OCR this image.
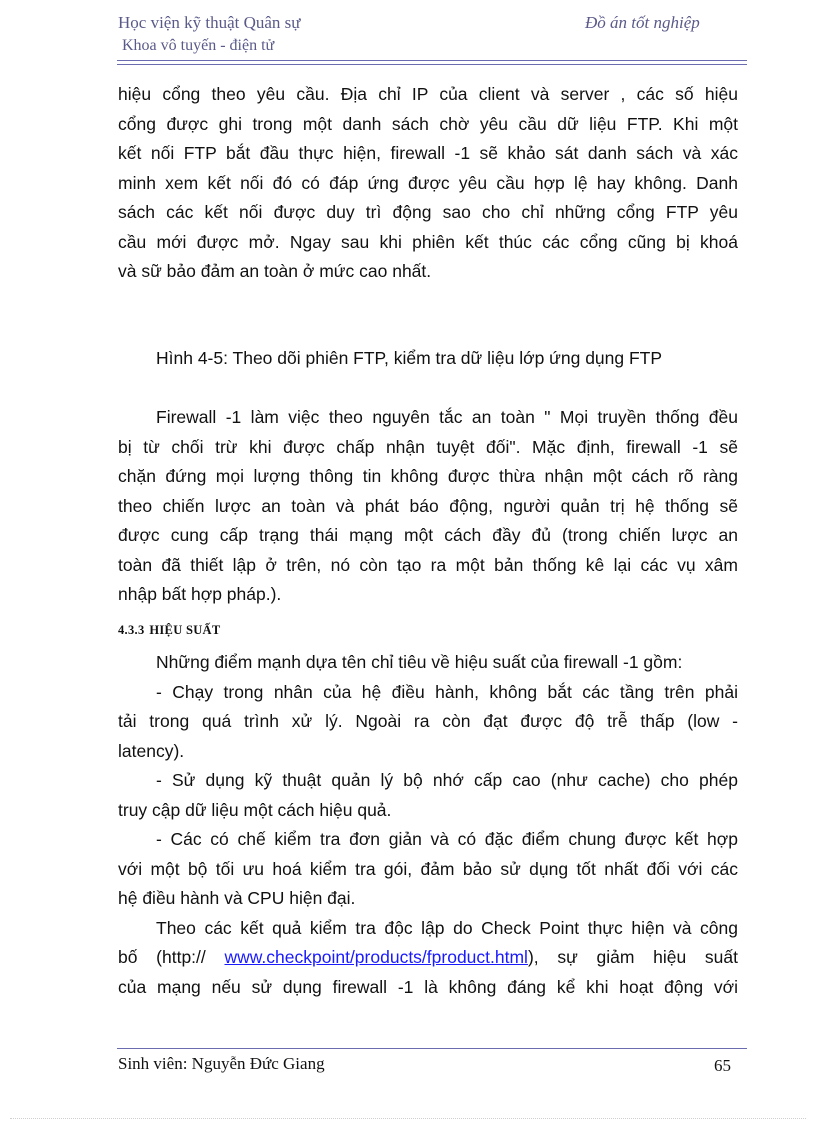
Học viện kỹ thuật Quân sự
Khoa vô tuyến - điện tử
Đồ án tốt nghiệp
hiệu cổng theo yêu cầu. Địa chỉ IP của client và server , các số hiệu
cổng được ghi trong một danh sách chờ yêu cầu dữ liệu FTP. Khi một
kết nối FTP bắt đầu thực hiện, firewall -1 sẽ khảo sát danh sách và xác
minh xem kết nối đó có đáp ứng được yêu cầu hợp lệ hay không. Danh
sách các kết nối được duy trì động sao cho chỉ những cổng FTP yêu
cầu mới được mở. Ngay sau khi phiên kết thúc các cổng cũng bị khoá
và sữ bảo đảm an toàn ở mức cao nhất.
Hình 4-5: Theo dõi phiên FTP, kiểm tra dữ liệu lớp ứng dụng FTP
Firewall -1 làm việc theo nguyên tắc an toàn " Mọi truyền thống đều
bị từ chối trừ khi được chấp nhận tuyệt đối". Mặc định, firewall -1 sẽ
chặn đứng mọi lượng thông tin không được thừa nhận một cách rõ ràng
theo chiến lược an toàn và phát báo động, người quản trị hệ thống sẽ
được cung cấp trạng thái mạng một cách đầy đủ (trong chiến lược an
toàn đã thiết lập ở trên, nó còn tạo ra một bản thống kê lại các vụ xâm
nhập bất hợp pháp.).
4.3.3 HIỆU SUẤT
Những điểm mạnh dựa tên chỉ tiêu về hiệu suất của firewall -1 gồm:
- Chạy trong nhân của hệ điều hành, không bắt các tầng trên phải
tải trong quá trình xử lý. Ngoài ra còn đạt được độ trễ thấp (low -
latency).
- Sử dụng kỹ thuật quản lý bộ nhớ cấp cao (như cache) cho phép
truy cập dữ liệu một cách hiệu quả.
- Các có chế kiểm tra đơn giản và có đặc điểm chung được kết hợp
với một bộ tối ưu hoá kiểm tra gói, đảm bảo sử dụng tốt nhất đối với các
hệ điều hành và CPU hiện đại.
Theo các kết quả kiểm tra độc lập do Check Point thực hiện và công
bố (http:// www.checkpoint/products/fproduct.html), sự giảm hiệu suất
của mạng nếu sử dụng firewall -1 là không đáng kể khi hoạt động với
Sinh viên: Nguyễn Đức Giang	65
